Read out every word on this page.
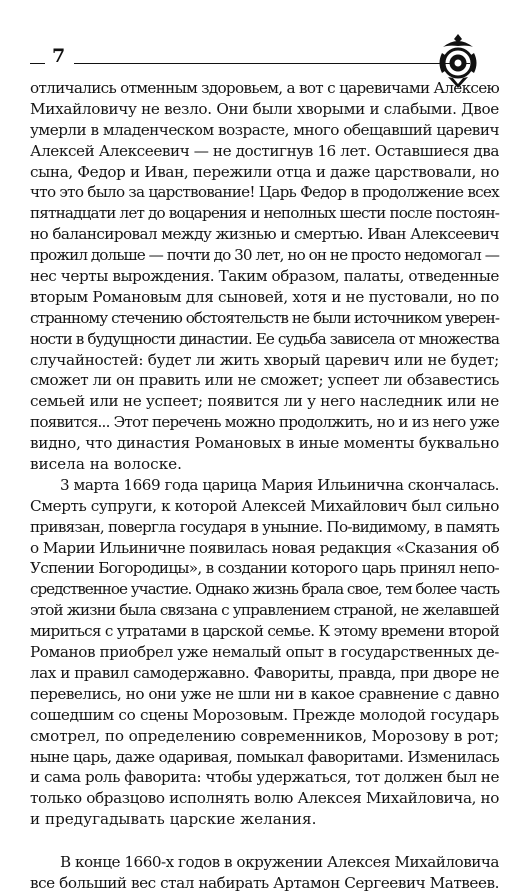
7
отличались отменным здоровьем, а вот с царевичами Алексею
Михайловичу не везло. Они были хворыми и слабыми. Двое
умерли в младенческом возрасте, много обещавший царевич
Алексей Алексеевич — не достигнув 16 лет. Оставшиеся два
сына, Федор и Иван, пережили отца и даже царствовали, но
что это было за царствование! Царь Федор в продолжение всех
пятнадцати лет до воцарения и неполных шести после постоян-
но балансировал между жизнью и смертью. Иван Алексеевич
прожил дольше — почти до 30 лет, но он не просто недомогал —
нес черты вырождения. Таким образом, палаты, отведенные
вторым Романовым для сыновей, хотя и не пустовали, но по
странному стечению обстоятельств не были источником уверен-
ности в будущности династии. Ее судьба зависела от множества
случайностей: будет ли жить хворый царевич или не будет;
сможет ли он править или не сможет; успеет ли обзавестись
семьей или не успеет; появится ли у него наследник или не
появится... Этот перечень можно продолжить, но и из него уже
видно, что династия Романовых в иные моменты буквально
висела на волоске.
3 марта 1669 года царица Мария Ильинична скончалась.
Смерть супруги, к которой Алексей Михайлович был сильно
привязан, повергла государя в уныние. По-видимому, в память
о Марии Ильиничне появилась новая редакция «Сказания об
Успении Богородицы», в создании которого царь принял непо-
средственное участие. Однако жизнь брала свое, тем более часть
этой жизни была связана с управлением страной, не желавшей
мириться с утратами в царской семье. К этому времени второй
Романов приобрел уже немалый опыт в государственных де-
лах и правил самодержавно. Фавориты, правда, при дворе не
перевелись, но они уже не шли ни в какое сравнение с давно
сошедшим со сцены Морозовым. Прежде молодой государь
смотрел, по определению современников, Морозову в рот;
ныне царь, даже одаривая, помыкал фаворитами. Изменилась
и сама роль фаворита: чтобы удержаться, тот должен был не
только образцово исполнять волю Алексея Михайловича, но
и предугадывать царские желания.
В конце 1660-х годов в окружении Алексея Михайловича
все больший вес стал набирать Артамон Сергеевич Матвеев.
